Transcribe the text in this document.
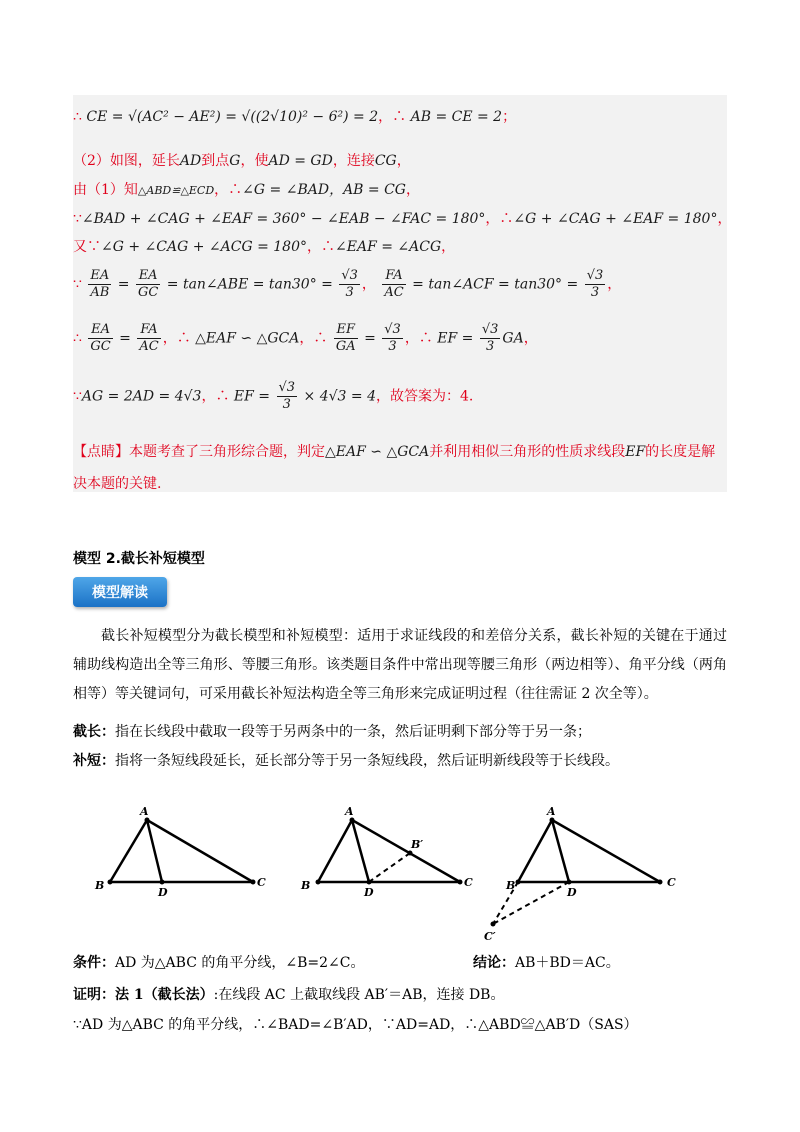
∴ CE = √(AC² − AE²) = √((2√10)² − 6²) = 2，∴ AB = CE = 2；
（2）如图，延长AD到点G，使AD = GD，连接CG，
由（1）知△ABD≌△ECD，∴∠G = ∠BAD，AB = CG，
∵∠BAD + ∠CAG + ∠EAF = 360° − ∠EAB − ∠FAC = 180°，∴∠G + ∠CAG + ∠EAF = 180°，
又∵∠G + ∠CAG + ∠ACG = 180°，∴∠EAF = ∠ACG，
∵ $\frac{EA}{AB} = \frac{EA}{GC}$ = tan∠ABE = $\tan 30^\circ = \frac{√3}{3}$ ， $\frac{FA}{AC}$ = tan∠ACF = $\tan 30^\circ = \frac{√3}{3}$ ，
∴ $\frac{EA}{GC} = \frac{FA}{AC}$ ，∴ △EAF ∽ △GCA，∴ $\frac{EF}{GA} = \frac{√3}{3}$ ，∴ EF = $\frac{√3}{3}$ GA，
∵AG = 2AD = 4√3，∴ EF = $\frac{√3}{3} \times 4√3 = 4$，故答案为：4.
【点睛】本题考查了三角形综合题，判定△EAF ∽ △GCA并利用相似三角形的性质求线段EF的长度是解决本题的关键.
模型 2.截长补短模型
模型解读
截长补短模型分为截长模型和补短模型：适用于求证线段的和差倍分关系，截长补短的关键在于通过辅助线构造出全等三角形、等腰三角形。该类题目条件中常出现等腰三角形（两边相等）、角平分线（两角相等）等关键词句，可采用截长补短法构造全等三角形来完成证明过程（往往需证 2 次全等）。
截长：指在长线段中截取一段等于另两条中的一条，然后证明剩下部分等于另一条；
补短：指将一条短线段延长，延长部分等于另一条短线段，然后证明新线段等于长线段。
A
B	C
D
A
B	C
D
B′
A
B	C
D
C′
条件：AD 为△ABC 的角平分线，∠B=2∠C。	结论：AB＋BD＝AC。
证明：法 1（截长法）:在线段 AC 上截取线段 AB′＝AB，连接 DB。
∵AD 为△ABC 的角平分线，∴∠BAD=∠B′AD，∵AD=AD，∴△ABD≌△AB′D（SAS）
